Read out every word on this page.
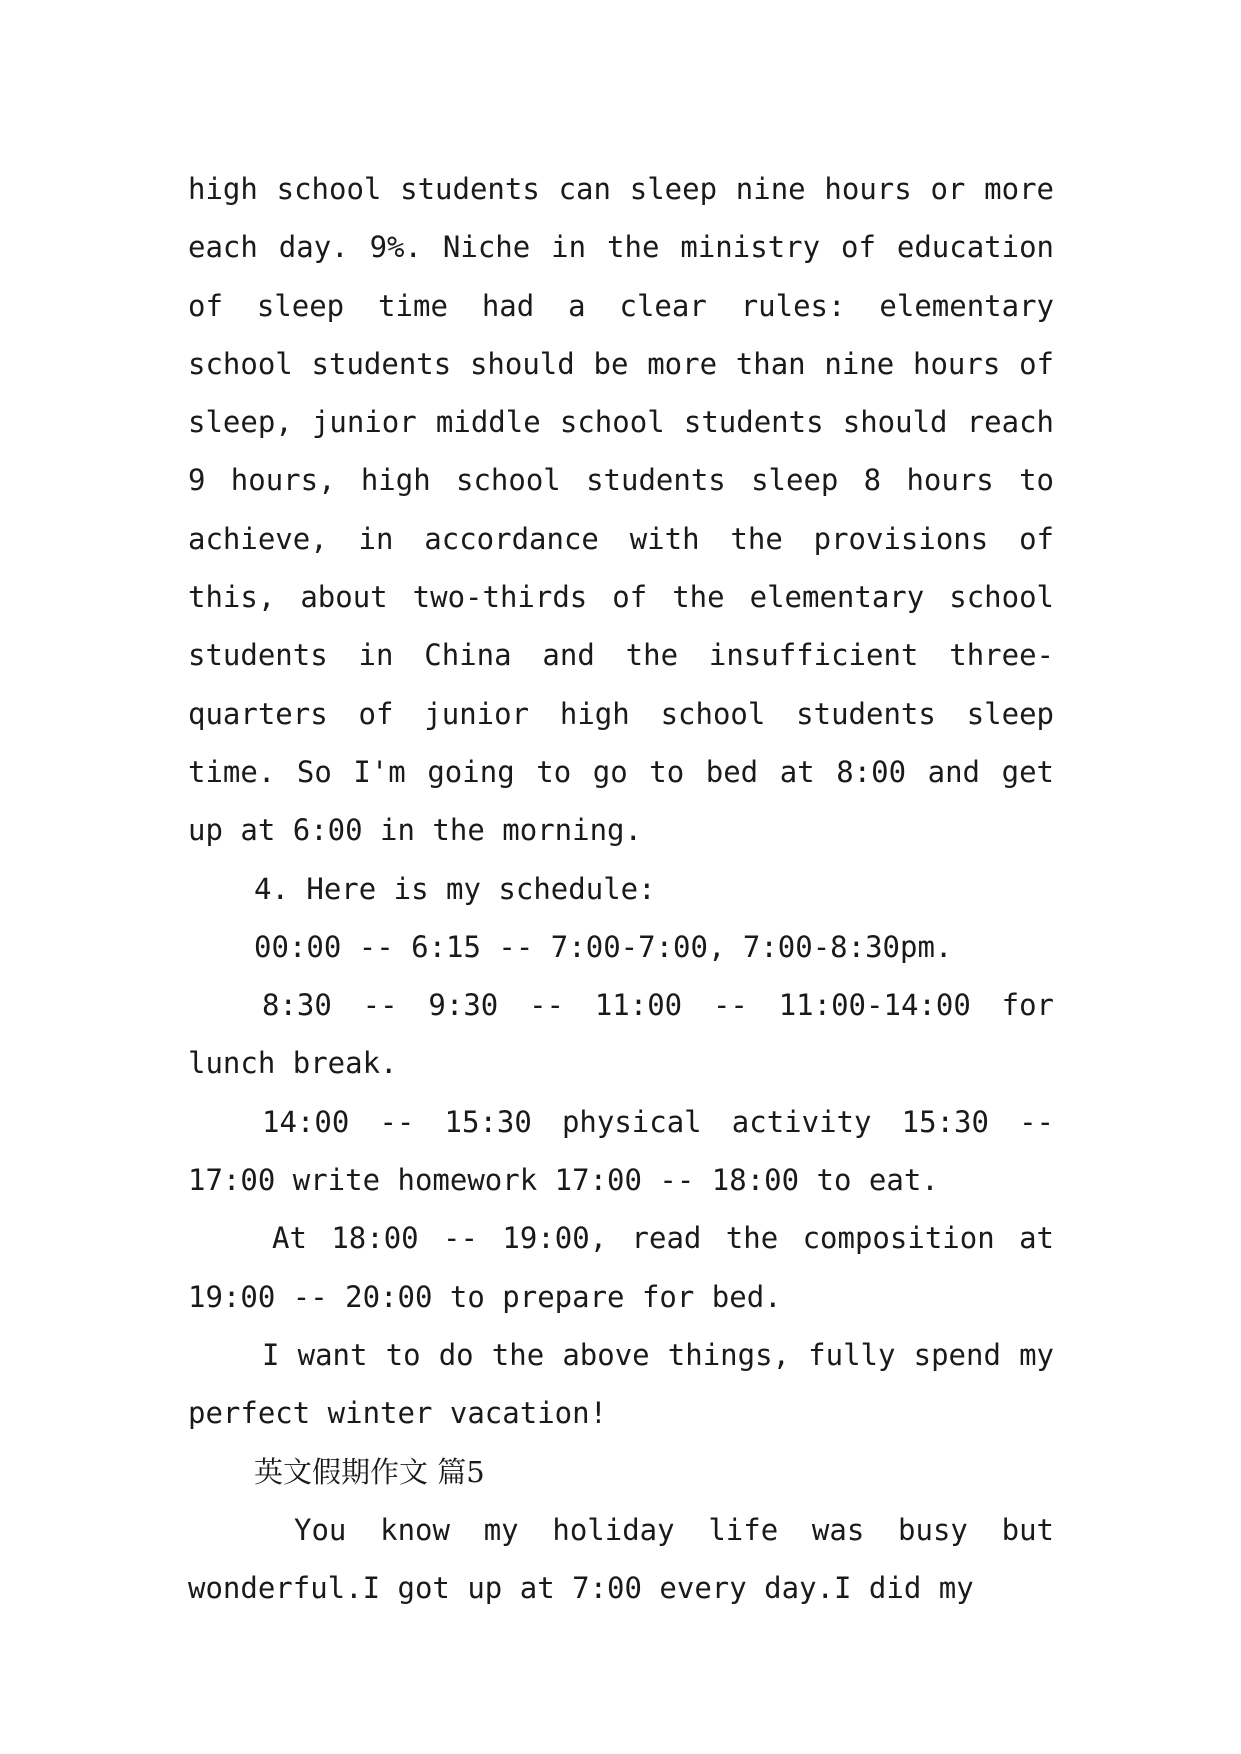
high school students can sleep nine hours or more each day. 9%. Niche in the ministry of education of sleep time had a clear rules: elementary school students should be more than nine hours of sleep, junior middle school students should reach 9 hours, high school students sleep 8 hours to achieve, in accordance with the provisions of this, about two-thirds of the elementary school students in China and the insufficient three-quarters of junior high school students sleep time. So I'm going to go to bed at 8:00 and get up at 6:00 in the morning.

4. Here is my schedule:

00:00 -- 6:15 -- 7:00-7:00, 7:00-8:30pm.

8:30 -- 9:30 -- 11:00 -- 11:00-14:00 for lunch break.

14:00 -- 15:30 physical activity 15:30 -- 17:00 write homework 17:00 -- 18:00 to eat.

At 18:00 -- 19:00, read the composition at 19:00 -- 20:00 to prepare for bed.

I want to do the above things, fully spend my perfect winter vacation!

英文假期作文 篇5

You know my holiday life was busy but wonderful.I got up at 7:00 every day.I did my
